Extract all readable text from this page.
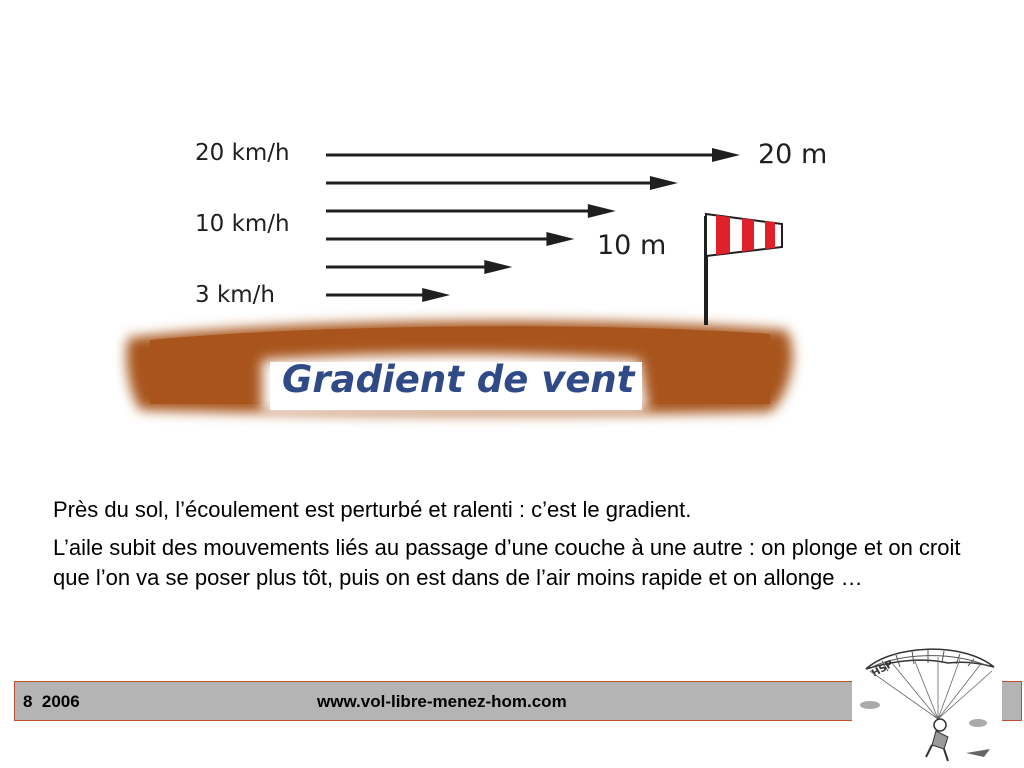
20 km/h
10 km/h
3 km/h
20 m
10 m
Gradient de vent

Près du sol, l’écoulement est perturbé et ralenti : c’est le gradient.

L’aile subit des mouvements liés au passage d’une couche à une autre : on plonge et on croit que l’on va se poser plus tôt, puis on est dans de l’air moins rapide et on allonge …

8  2006	www.vol-libre-menez-hom.com
HSP
